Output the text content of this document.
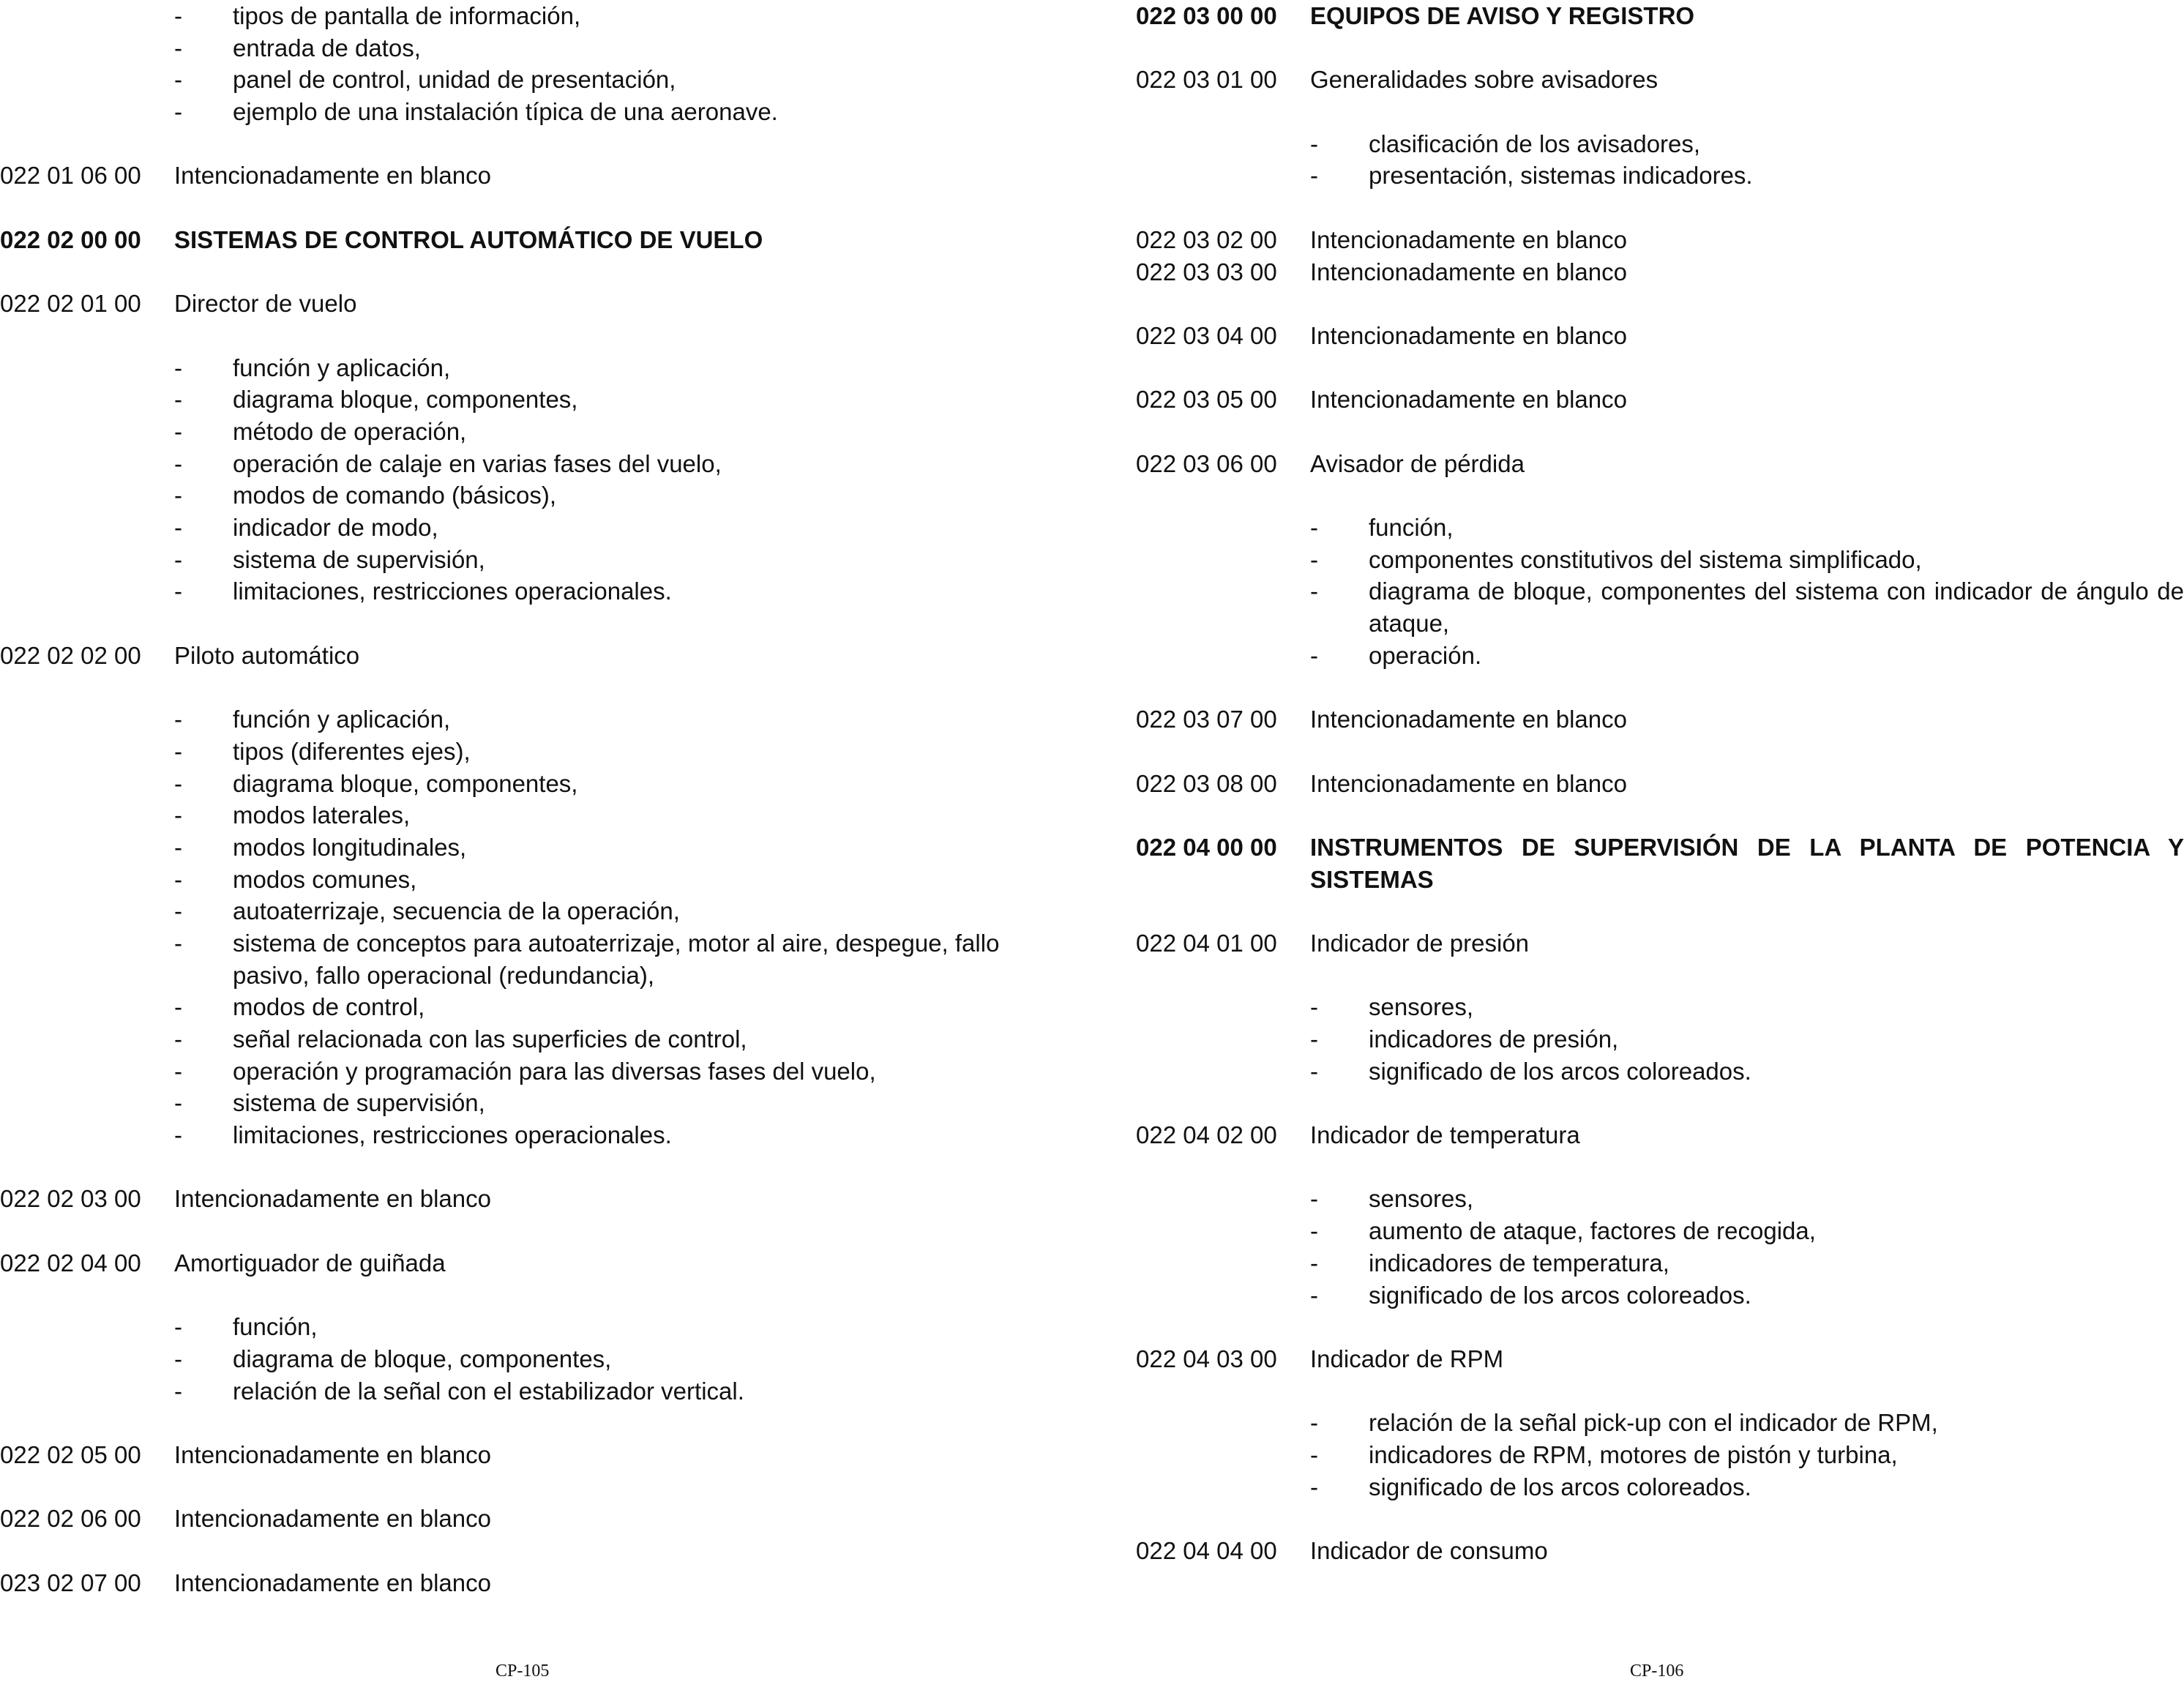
- tipos de pantalla de información,
- entrada de datos,
- panel de control, unidad de presentación,
- ejemplo de una instalación típica de una aeronave.
022 01 06 00 Intencionadamente en blanco
022 02 00 00 SISTEMAS DE CONTROL AUTOMÁTICO DE VUELO
022 02 01 00 Director de vuelo
- función y aplicación,
- diagrama bloque, componentes,
- método de operación,
- operación de calaje en varias fases del vuelo,
- modos de comando (básicos),
- indicador de modo,
- sistema de supervisión,
- limitaciones, restricciones operacionales.
022 02 02 00 Piloto automático
- función y aplicación,
- tipos (diferentes ejes),
- diagrama bloque, componentes,
- modos laterales,
- modos longitudinales,
- modos comunes,
- autoaterrizaje, secuencia de la operación,
- sistema de conceptos para autoaterrizaje, motor al aire, despegue, fallo
pasivo, fallo operacional (redundancia),
- modos de control,
- señal relacionada con las superficies de control,
- operación y programación para las diversas fases del vuelo,
- sistema de supervisión,
- limitaciones, restricciones operacionales.
022 02 03 00 Intencionadamente en blanco
022 02 04 00 Amortiguador de guiñada
- función,
- diagrama de bloque, componentes,
- relación de la señal con el estabilizador vertical.
022 02 05 00 Intencionadamente en blanco
022 02 06 00 Intencionadamente en blanco
023 02 07 00 Intencionadamente en blanco
022 03 00 00 EQUIPOS DE AVISO Y REGISTRO
022 03 01 00 Generalidades sobre avisadores
- clasificación de los avisadores,
- presentación, sistemas indicadores.
022 03 02 00 Intencionadamente en blanco
022 03 03 00 Intencionadamente en blanco
022 03 04 00 Intencionadamente en blanco
022 03 05 00 Intencionadamente en blanco
022 03 06 00 Avisador de pérdida
- función,
- componentes constitutivos del sistema simplificado,
- diagrama de bloque, componentes del sistema con indicador de ángulo de
ataque,
- operación.
022 03 07 00 Intencionadamente en blanco
022 03 08 00 Intencionadamente en blanco
022 04 00 00 INSTRUMENTOS DE SUPERVISIÓN DE LA PLANTA DE POTENCIA Y
SISTEMAS
022 04 01 00 Indicador de presión
- sensores,
- indicadores de presión,
- significado de los arcos coloreados.
022 04 02 00 Indicador de temperatura
- sensores,
- aumento de ataque, factores de recogida,
- indicadores de temperatura,
- significado de los arcos coloreados.
022 04 03 00 Indicador de RPM
- relación de la señal pick-up con el indicador de RPM,
- indicadores de RPM, motores de pistón y turbina,
- significado de los arcos coloreados.
022 04 04 00 Indicador de consumo
CP-105	CP-106
